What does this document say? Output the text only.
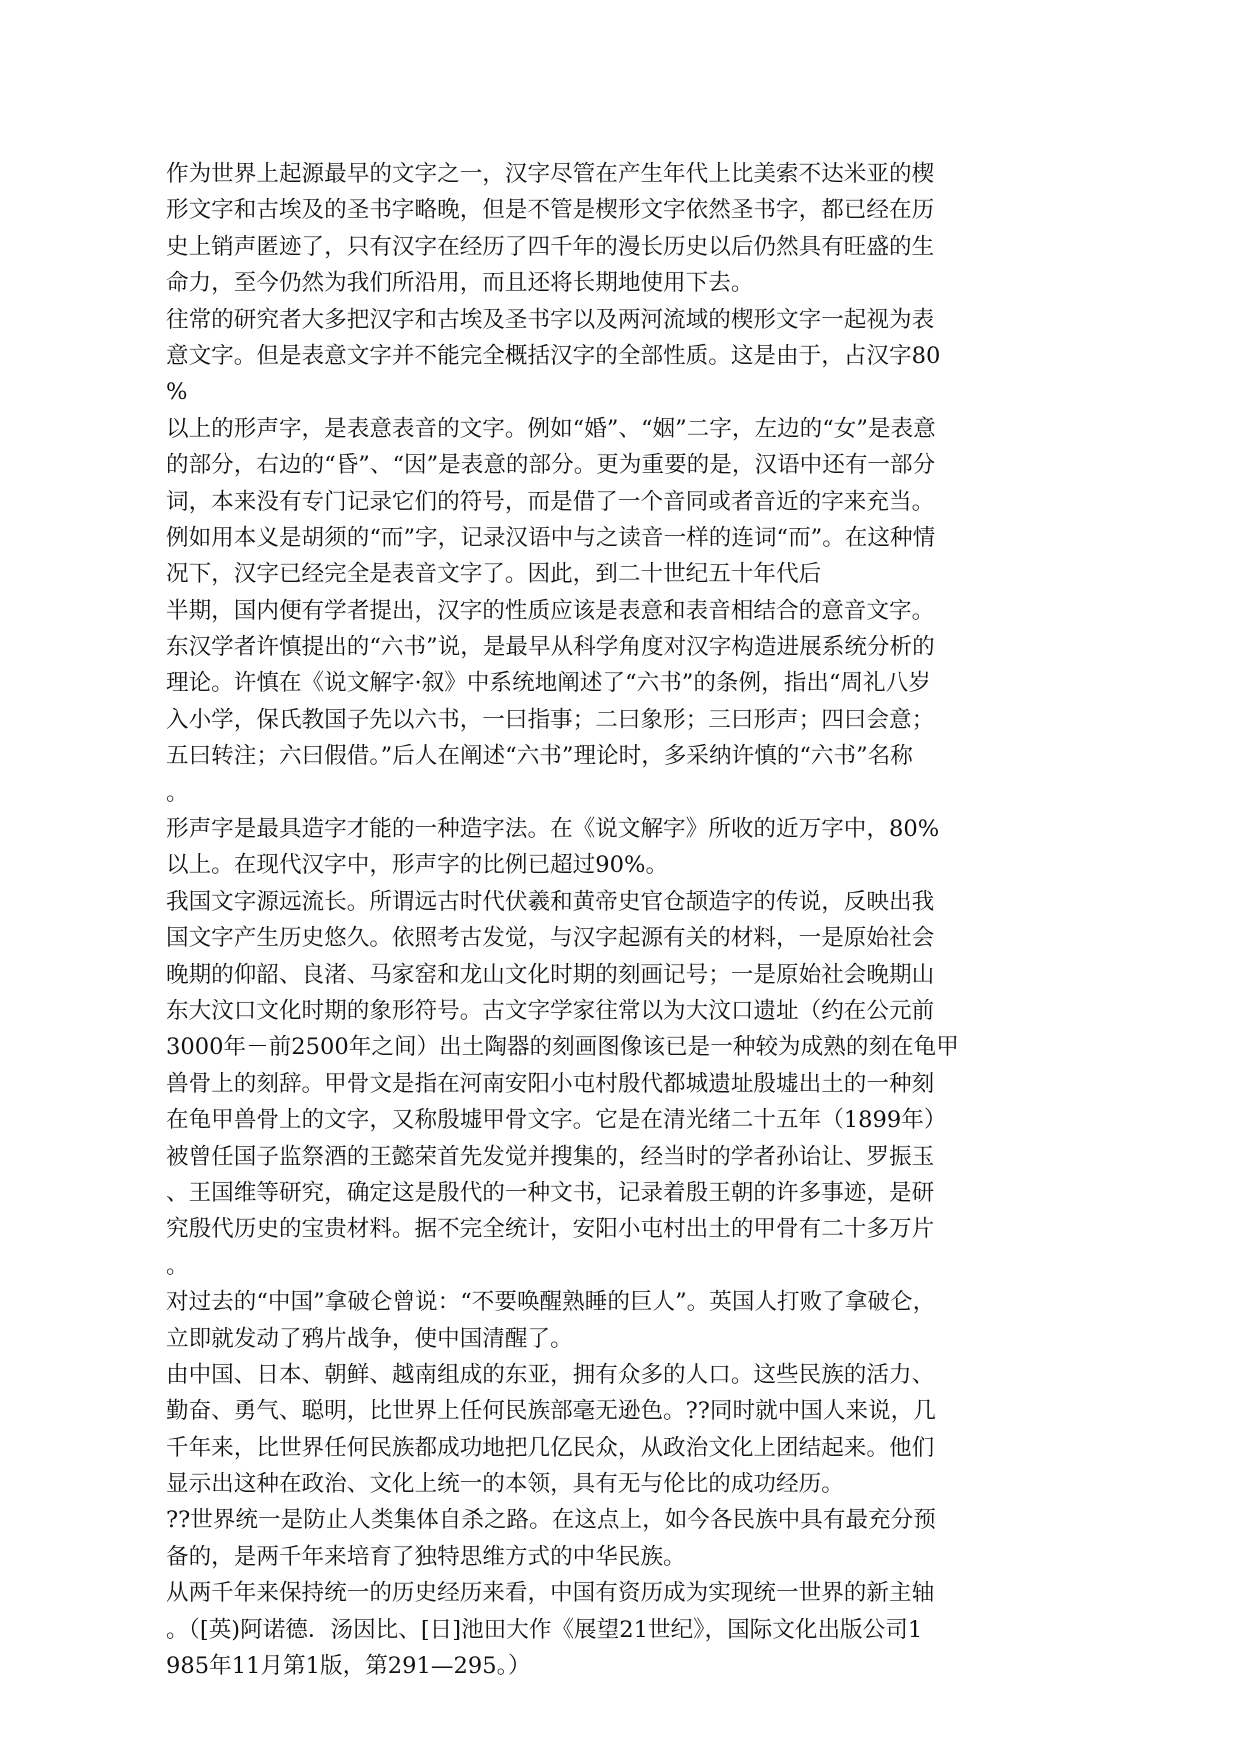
作为世界上起源最早的文字之一，汉字尽管在产生年代上比美索不达米亚的楔
形文字和古埃及的圣书字略晚，但是不管是楔形文字依然圣书字，都已经在历
史上销声匿迹了，只有汉字在经历了四千年的漫长历史以后仍然具有旺盛的生
命力，至今仍然为我们所沿用，而且还将长期地使用下去。
往常的研究者大多把汉字和古埃及圣书字以及两河流域的楔形文字一起视为表
意文字。但是表意文字并不能完全概括汉字的全部性质。这是由于，占汉字80
%
以上的形声字，是表意表音的文字。例如“婚”、“姻”二字，左边的“女”是表意
的部分，右边的“昏”、“因”是表意的部分。更为重要的是，汉语中还有一部分
词，本来没有专门记录它们的符号，而是借了一个音同或者音近的字来充当。
例如用本义是胡须的“而”字，记录汉语中与之读音一样的连词“而”。在这种情
况下，汉字已经完全是表音文字了。因此，到二十世纪五十年代后
半期，国内便有学者提出，汉字的性质应该是表意和表音相结合的意音文字。
东汉学者许慎提出的“六书”说，是最早从科学角度对汉字构造进展系统分析的
理论。许慎在《说文解字·叙》中系统地阐述了“六书”的条例，指出“周礼八岁
入小学，保氏教国子先以六书，一曰指事；二曰象形；三曰形声；四曰会意；
五曰转注；六曰假借。”后人在阐述“六书”理论时，多采纳许慎的“六书”名称
。
形声字是最具造字才能的一种造字法。在《说文解字》所收的近万字中，80%
以上。在现代汉字中，形声字的比例已超过90%。
我国文字源远流长。所谓远古时代伏羲和黄帝史官仓颉造字的传说，反映出我
国文字产生历史悠久。依照考古发觉，与汉字起源有关的材料，一是原始社会
晚期的仰韶、良渚、马家窑和龙山文化时期的刻画记号；一是原始社会晚期山
东大汶口文化时期的象形符号。古文字学家往常以为大汶口遗址（约在公元前
3000年－前2500年之间）出土陶器的刻画图像该已是一种较为成熟的刻在龟甲
兽骨上的刻辞。甲骨文是指在河南安阳小屯村殷代都城遗址殷墟出土的一种刻
在龟甲兽骨上的文字，又称殷墟甲骨文字。它是在清光绪二十五年（1899年）
被曾任国子监祭酒的王懿荣首先发觉并搜集的，经当时的学者孙诒让、罗振玉
、王国维等研究，确定这是殷代的一种文书，记录着殷王朝的许多事迹，是研
究殷代历史的宝贵材料。据不完全统计，安阳小屯村出土的甲骨有二十多万片
。
对过去的“中国”拿破仑曾说：“不要唤醒熟睡的巨人”。英国人打败了拿破仑，
立即就发动了鸦片战争，使中国清醒了。
由中国、日本、朝鲜、越南组成的东亚，拥有众多的人口。这些民族的活力、
勤奋、勇气、聪明，比世界上任何民族部毫无逊色。??同时就中国人来说，几
千年来，比世界任何民族都成功地把几亿民众，从政治文化上团结起来。他们
显示出这种在政治、文化上统一的本领，具有无与伦比的成功经历。
??世界统一是防止人类集体自杀之路。在这点上，如今各民族中具有最充分预
备的，是两千年来培育了独特思维方式的中华民族。
从两千年来保持统一的历史经历来看，中国有资历成为实现统一世界的新主轴
。（[英)阿诺德．汤因比、[日]池田大作《展望21世纪》，国际文化出版公司1
985年11月第1版，第291—295。）
